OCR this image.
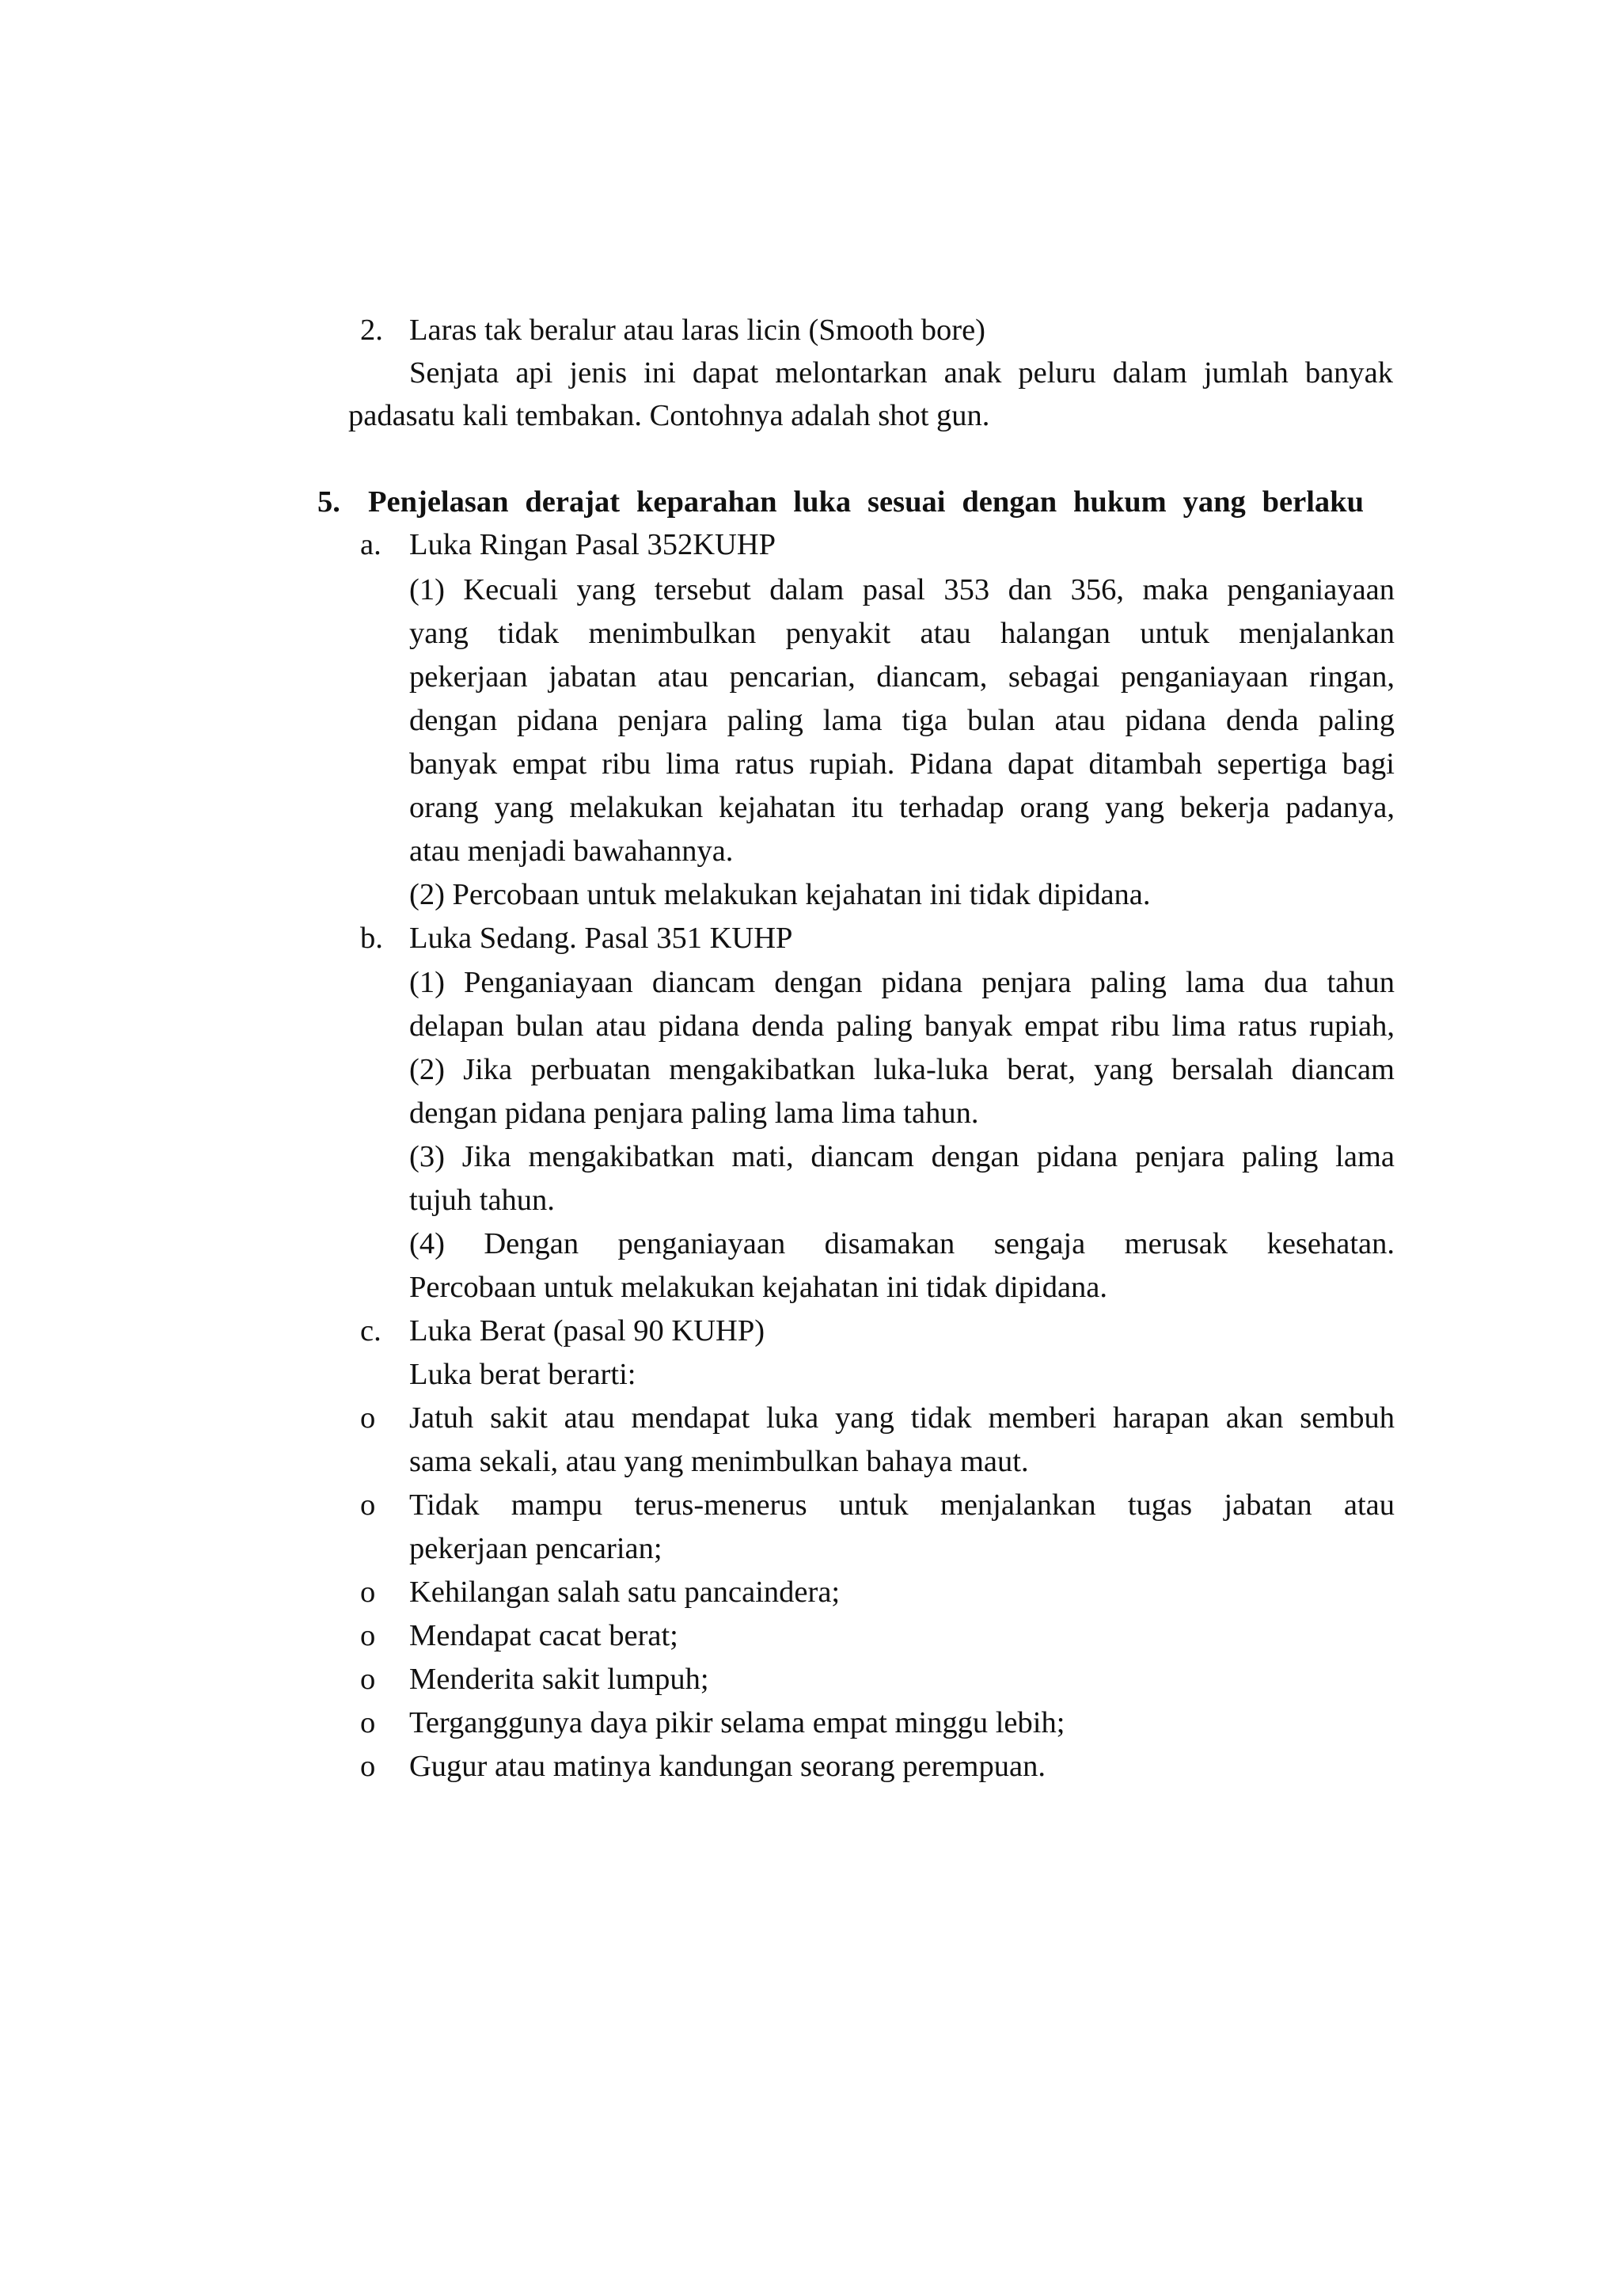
2. Laras tak beralur atau laras licin (Smooth bore)
Senjata api jenis ini dapat melontarkan anak peluru dalam jumlah banyak
padasatu kali tembakan. Contohnya adalah shot gun.
5. Penjelasan derajat keparahan luka sesuai dengan hukum yang berlaku
a. Luka Ringan Pasal 352KUHP
(1) Kecuali yang tersebut dalam pasal 353 dan 356, maka penganiayaan
yang tidak menimbulkan penyakit atau halangan untuk menjalankan
pekerjaan jabatan atau pencarian, diancam, sebagai penganiayaan ringan,
dengan pidana penjara paling lama tiga bulan atau pidana denda paling
banyak empat ribu lima ratus rupiah. Pidana dapat ditambah sepertiga bagi
orang yang melakukan kejahatan itu terhadap orang yang bekerja padanya,
atau menjadi bawahannya.
(2) Percobaan untuk melakukan kejahatan ini tidak dipidana.
b. Luka Sedang. Pasal 351 KUHP
(1) Penganiayaan diancam dengan pidana penjara paling lama dua tahun
delapan bulan atau pidana denda paling banyak empat ribu lima ratus rupiah,
(2) Jika perbuatan mengakibatkan luka-luka berat, yang bersalah diancam
dengan pidana penjara paling lama lima tahun.
(3) Jika mengakibatkan mati, diancam dengan pidana penjara paling lama
tujuh tahun.
(4) Dengan penganiayaan disamakan sengaja merusak kesehatan.
Percobaan untuk melakukan kejahatan ini tidak dipidana.
c. Luka Berat (pasal 90 KUHP)
Luka berat berarti:
o Jatuh sakit atau mendapat luka yang tidak memberi harapan akan sembuh
sama sekali, atau yang menimbulkan bahaya maut.
o Tidak mampu terus-menerus untuk menjalankan tugas jabatan atau
pekerjaan pencarian;
o Kehilangan salah satu pancaindera;
o Mendapat cacat berat;
o Menderita sakit lumpuh;
o Terganggunya daya pikir selama empat minggu lebih;
o Gugur atau matinya kandungan seorang perempuan.
